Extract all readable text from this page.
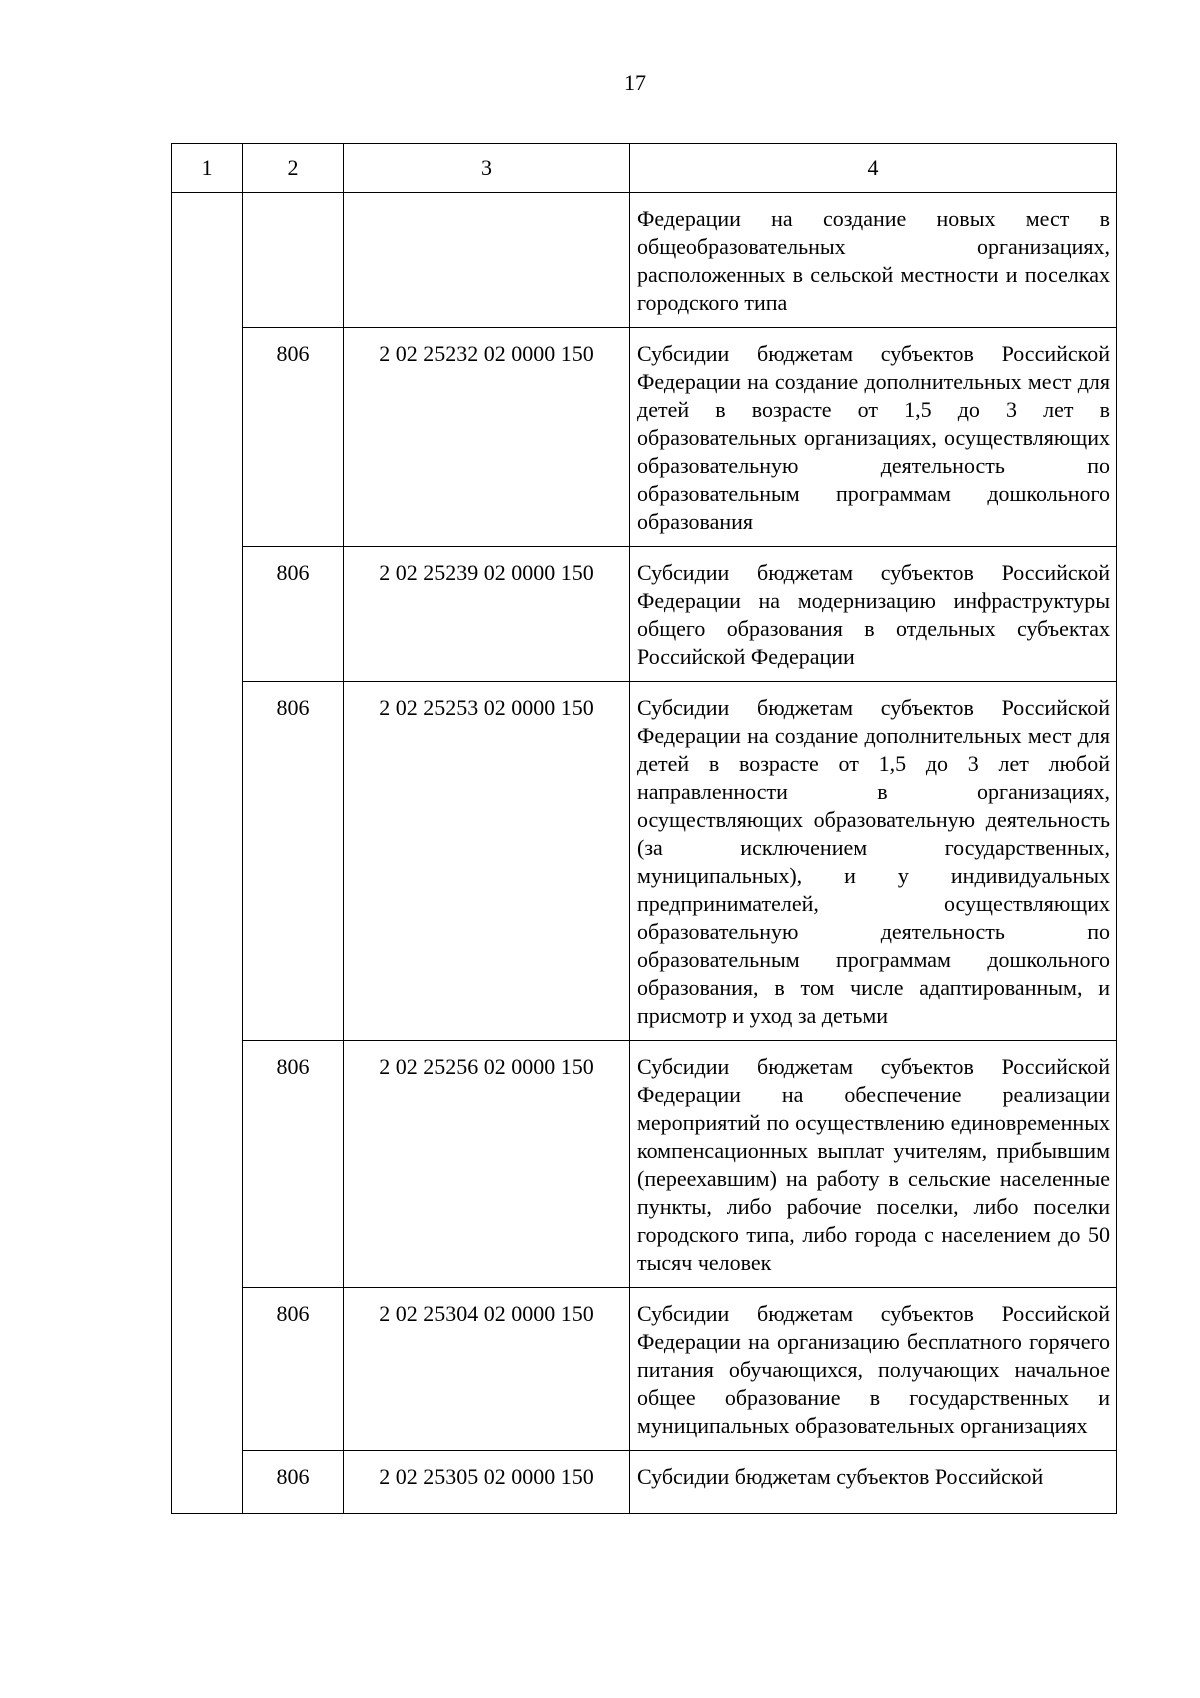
17
1	2	3	4
			Федерации на создание новых мест в общеобразовательных организациях, расположенных в сельской местности и поселках городского типа
	806	2 02 25232 02 0000 150	Субсидии бюджетам субъектов Российской Федерации на создание дополнительных мест для детей в возрасте от 1,5 до 3 лет в образовательных организациях, осуществляющих образовательную деятельность по образовательным программам дошкольного образования
	806	2 02 25239 02 0000 150	Субсидии бюджетам субъектов Российской Федерации на модернизацию инфраструктуры общего образования в отдельных субъектах Российской Федерации
	806	2 02 25253 02 0000 150	Субсидии бюджетам субъектов Российской Федерации на создание дополнительных мест для детей в возрасте от 1,5 до 3 лет любой направленности в организациях, осуществляющих образовательную деятельность (за исключением государственных, муниципальных), и у индивидуальных предпринимателей, осуществляющих образовательную деятельность по образовательным программам дошкольного образования, в том числе адаптированным, и присмотр и уход за детьми
	806	2 02 25256 02 0000 150	Субсидии бюджетам субъектов Российской Федерации на обеспечение реализации мероприятий по осуществлению единовременных компенсационных выплат учителям, прибывшим (переехавшим) на работу в сельские населенные пункты, либо рабочие поселки, либо поселки городского типа, либо города с населением до 50 тысяч человек
	806	2 02 25304 02 0000 150	Субсидии бюджетам субъектов Российской Федерации на организацию бесплатного горячего питания обучающихся, получающих начальное общее образование в государственных и муниципальных образовательных организациях
	806	2 02 25305 02 0000 150	Субсидии бюджетам субъектов Российской
